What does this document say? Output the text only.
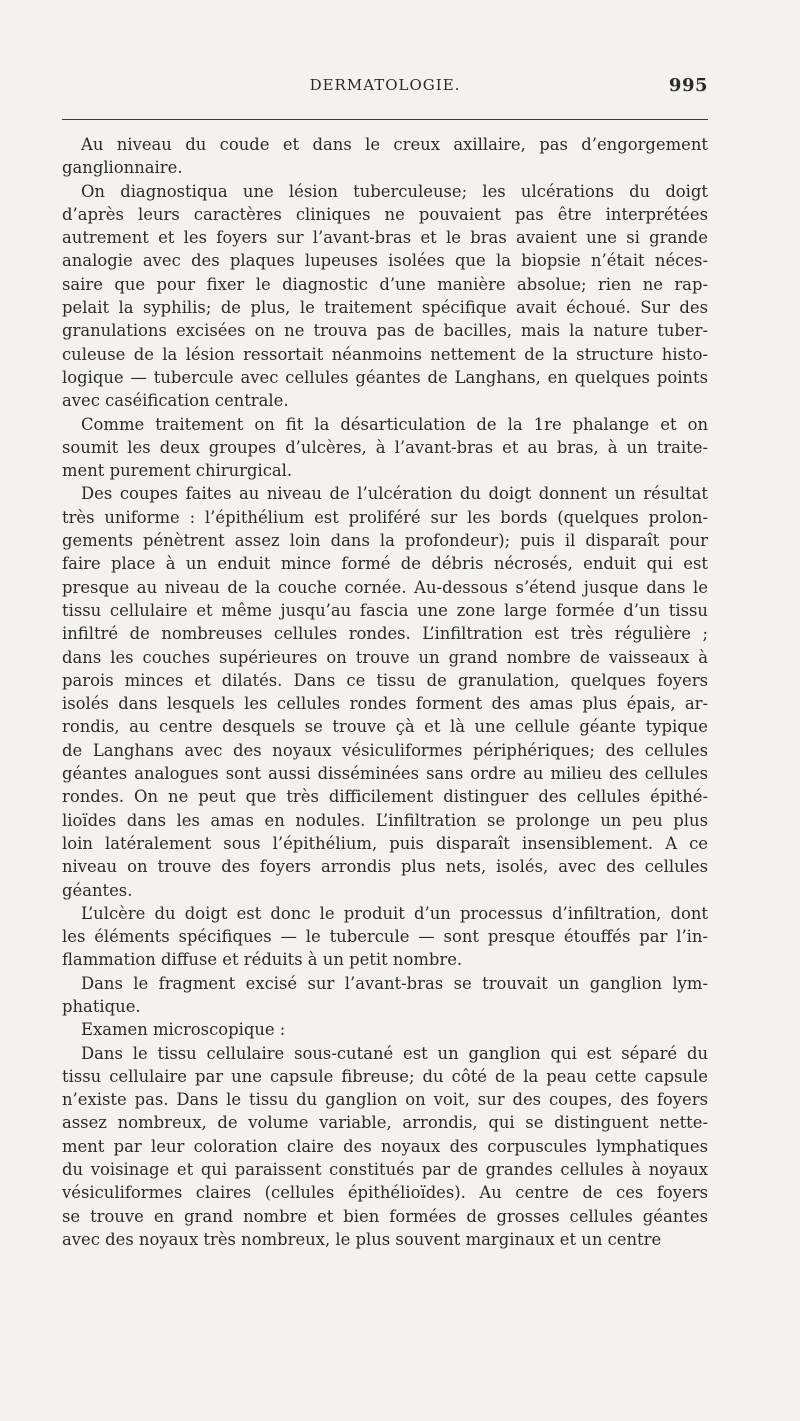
DERMATOLOGIE.	995

Au niveau du coude et dans le creux axillaire, pas d’engorgement
ganglionnaire.

On diagnostiqua une lésion tuberculeuse; les ulcérations du doigt
d’après leurs caractères cliniques ne pouvaient pas être interprétées
autrement et les foyers sur l’avant-bras et le bras avaient une si grande
analogie avec des plaques lupeuses isolées que la biopsie n’était néces-
saire que pour fixer le diagnostic d’une manière absolue; rien ne rap-
pelait la syphilis; de plus, le traitement spécifique avait échoué. Sur des
granulations excisées on ne trouva pas de bacilles, mais la nature tuber-
culeuse de la lésion ressortait néanmoins nettement de la structure histo-
logique — tubercule avec cellules géantes de Langhans, en quelques points
avec caséification centrale.

Comme traitement on fit la désarticulation de la 1re phalange et on
soumit les deux groupes d’ulcères, à l’avant-bras et au bras, à un traite-
ment purement chirurgical.

Des coupes faites au niveau de l’ulcération du doigt donnent un résultat
très uniforme : l’épithélium est proliféré sur les bords (quelques prolon-
gements pénètrent assez loin dans la profondeur); puis il disparaît pour
faire place à un enduit mince formé de débris nécrosés, enduit qui est
presque au niveau de la couche cornée. Au-dessous s’étend jusque dans le
tissu cellulaire et même jusqu’au fascia une zone large formée d’un tissu
infiltré de nombreuses cellules rondes. L’infiltration est très régulière ;
dans les couches supérieures on trouve un grand nombre de vaisseaux à
parois minces et dilatés. Dans ce tissu de granulation, quelques foyers
isolés dans lesquels les cellules rondes forment des amas plus épais, ar-
rondis, au centre desquels se trouve çà et là une cellule géante typique
de Langhans avec des noyaux vésiculiformes périphériques; des cellules
géantes analogues sont aussi disséminées sans ordre au milieu des cellules
rondes. On ne peut que très difficilement distinguer des cellules épithé-
lioïdes dans les amas en nodules. L’infiltration se prolonge un peu plus
loin latéralement sous l’épithélium, puis disparaît insensiblement. A ce
niveau on trouve des foyers arrondis plus nets, isolés, avec des cellules
géantes.

L’ulcère du doigt est donc le produit d’un processus d’infiltration, dont
les éléments spécifiques — le tubercule — sont presque étouffés par l’in-
flammation diffuse et réduits à un petit nombre.

Dans le fragment excisé sur l’avant-bras se trouvait un ganglion lym-
phatique.

Examen microscopique :

Dans le tissu cellulaire sous-cutané est un ganglion qui est séparé du
tissu cellulaire par une capsule fibreuse; du côté de la peau cette capsule
n’existe pas. Dans le tissu du ganglion on voit, sur des coupes, des foyers
assez nombreux, de volume variable, arrondis, qui se distinguent nette-
ment par leur coloration claire des noyaux des corpuscules lymphatiques
du voisinage et qui paraissent constitués par de grandes cellules à noyaux
vésiculiformes claires (cellules épithélioïdes). Au centre de ces foyers
se trouve en grand nombre et bien formées de grosses cellules géantes
avec des noyaux très nombreux, le plus souvent marginaux et un centre
